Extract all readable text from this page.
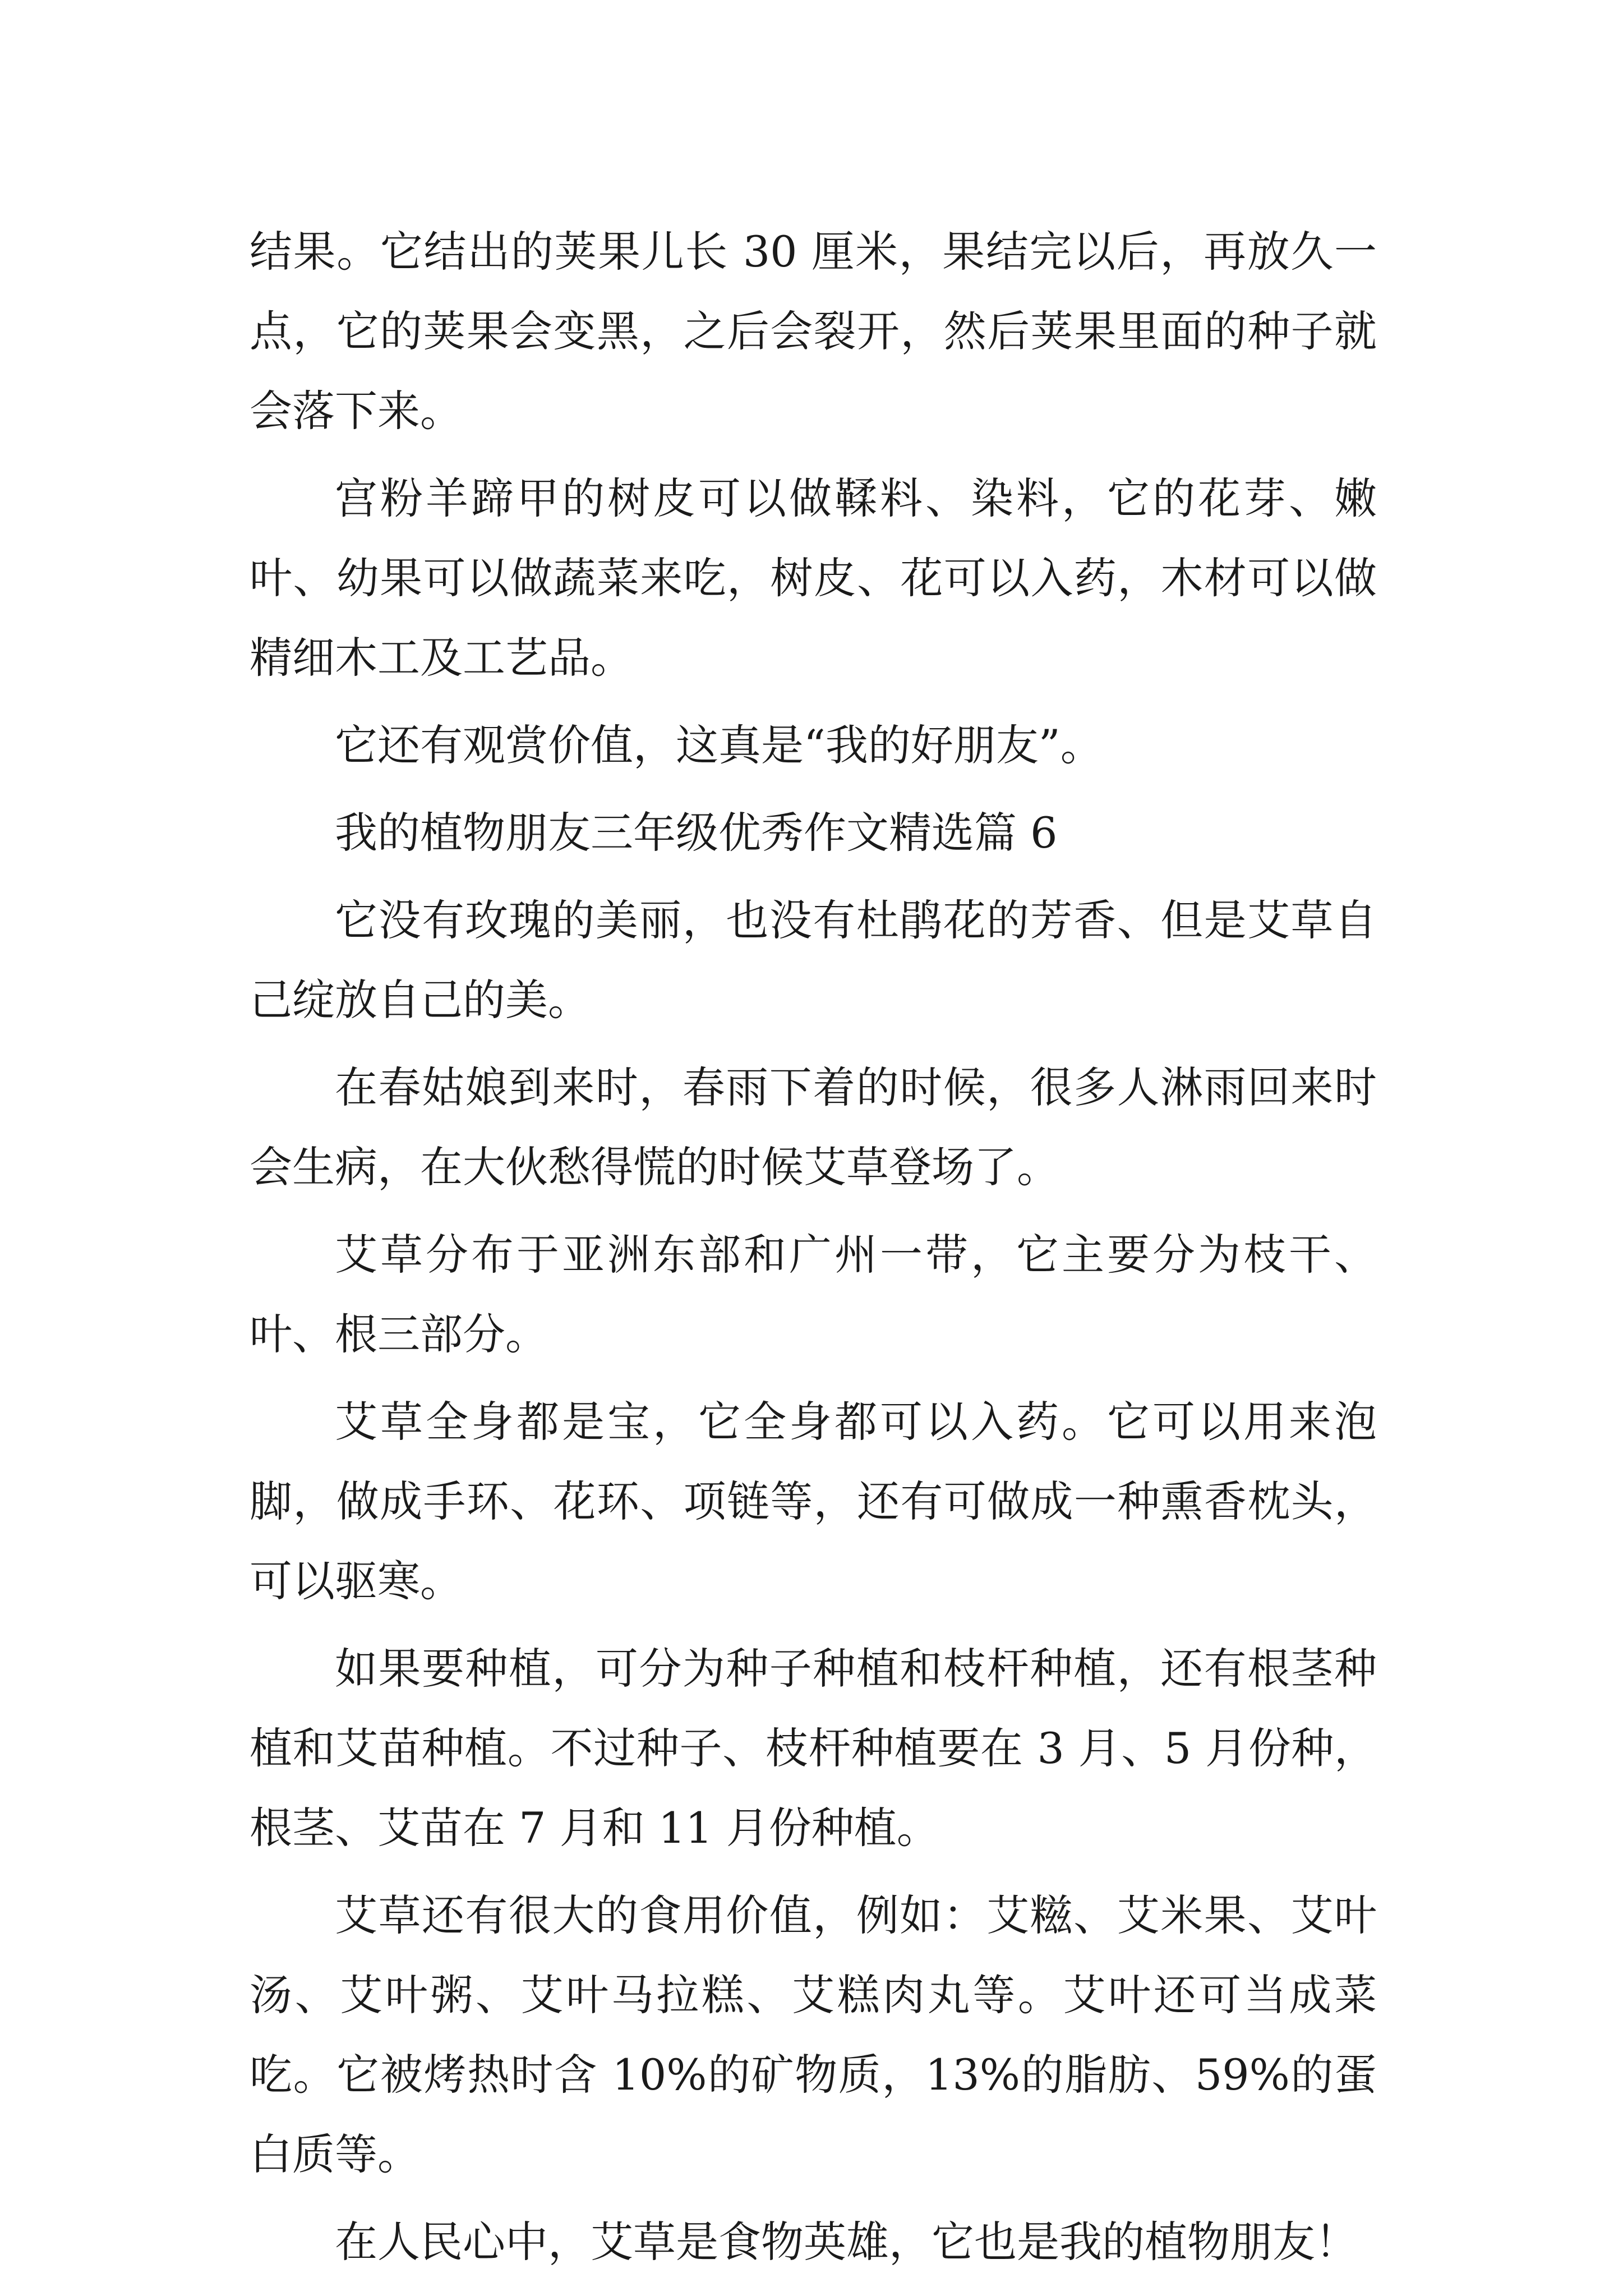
结果。它结出的荚果儿长 30 厘米，果结完以后，再放久一点，它的荚果会变黑，之后会裂开，然后荚果里面的种子就会落下来。

宫粉羊蹄甲的树皮可以做鞣料、染料，它的花芽、嫩叶、幼果可以做蔬菜来吃，树皮、花可以入药，木材可以做精细木工及工艺品。

它还有观赏价值，这真是“我的好朋友”。

我的植物朋友三年级优秀作文精选篇 6

它没有玫瑰的美丽，也没有杜鹃花的芳香、但是艾草自己绽放自己的美。

在春姑娘到来时，春雨下着的时候，很多人淋雨回来时会生病，在大伙愁得慌的时候艾草登场了。

艾草分布于亚洲东部和广州一带，它主要分为枝干、叶、根三部分。

艾草全身都是宝，它全身都可以入药。它可以用来泡脚，做成手环、花环、项链等，还有可做成一种熏香枕头，可以驱寒。

如果要种植，可分为种子种植和枝杆种植，还有根茎种植和艾苗种植。不过种子、枝杆种植要在 3 月、5 月份种，根茎、艾苗在 7 月和 11 月份种植。

艾草还有很大的食用价值，例如：艾糍、艾米果、艾叶汤、艾叶粥、艾叶马拉糕、艾糕肉丸等。艾叶还可当成菜吃。它被烤热时含 10%的矿物质，13%的脂肪、59%的蛋白质等。

在人民心中，艾草是食物英雄，它也是我的植物朋友！
